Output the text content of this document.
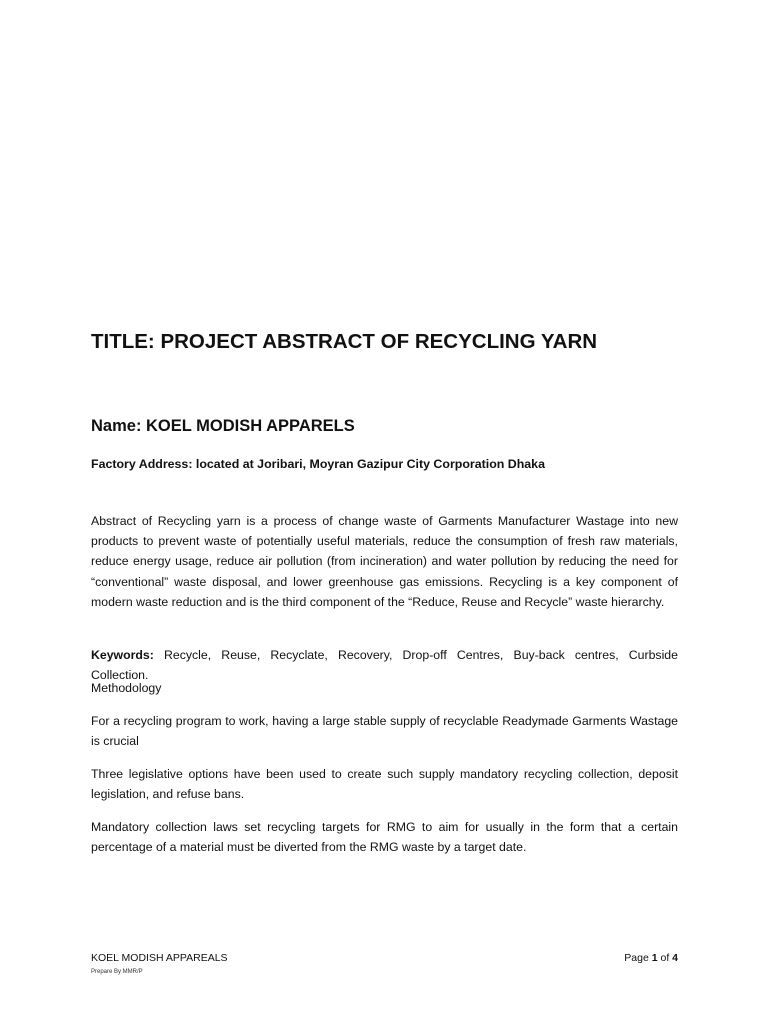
TITLE: PROJECT ABSTRACT OF RECYCLING YARN
Name: KOEL MODISH APPARELS

Factory Address: located at Joribari, Moyran Gazipur City Corporation Dhaka

Abstract of Recycling yarn is a process of change waste of Garments Manufacturer Wastage into new products to prevent waste of potentially useful materials, reduce the consumption of fresh raw materials, reduce energy usage, reduce air pollution (from incineration) and water pollution by reducing the need for “conventional” waste disposal, and lower greenhouse gas emissions. Recycling is a key component of modern waste reduction and is the third component of the “Reduce, Reuse and Recycle” waste hierarchy.

Keywords: Recycle, Reuse, Recyclate, Recovery, Drop-off Centres, Buy-back centres, Curbside Collection.

Methodology

For a recycling program to work, having a large stable supply of recyclable Readymade Garments Wastage is crucial

Three legislative options have been used to create such supply mandatory recycling collection, deposit legislation, and refuse bans.

Mandatory collection laws set recycling targets for RMG to aim for usually in the form that a certain percentage of a material must be diverted from the RMG waste by a target date.

KOEL MODISH APPAREALS

Prepare By MMR/P

Page 1 of 4
